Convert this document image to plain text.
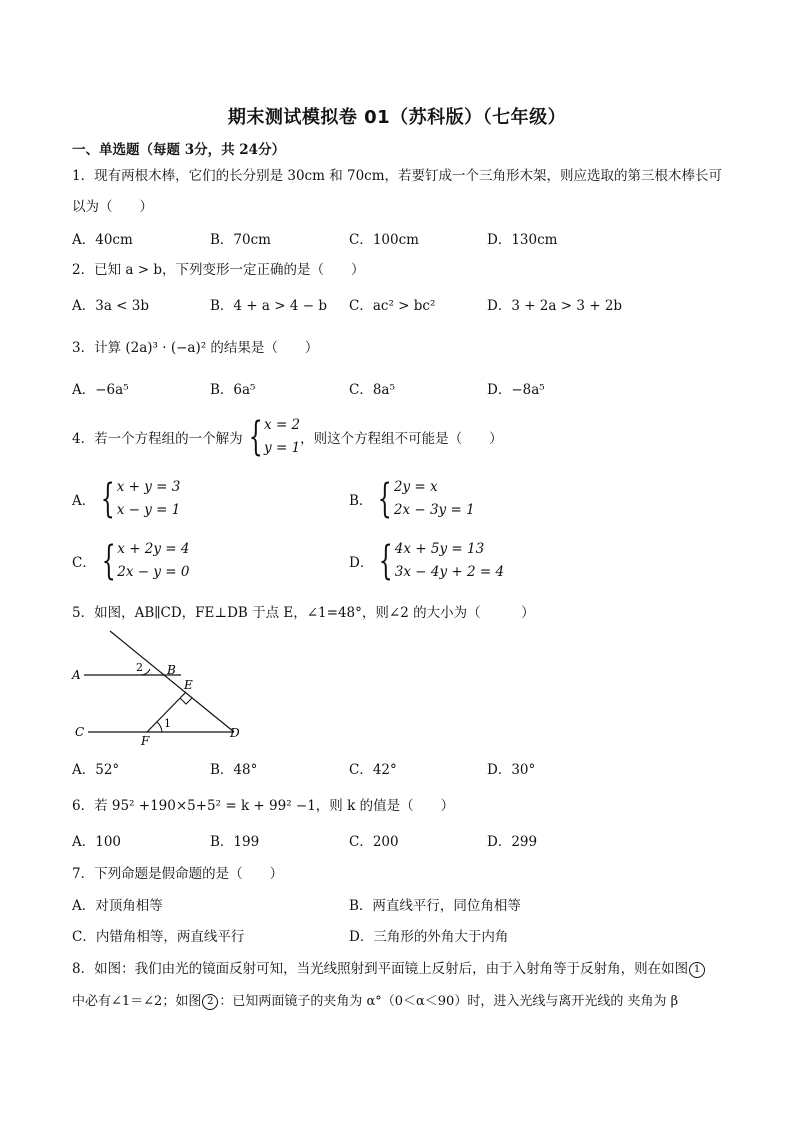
期末测试模拟卷 01（苏科版）（七年级）
一、单选题（每题 3分，共 24分）
1．现有两根木棒，它们的长分别是 30cm 和 70cm，若要钉成一个三角形木架，则应选取的第三根木棒长可
以为（　　）
A．40cm	B．70cm	C．100cm	D．130cm
2．已知 a > b，下列变形一定正确的是（　　）
A．3a < 3b	B．4 + a > 4 − b C．ac² > bc²	D．3 + 2a > 3 + 2b
3．计算 (2a)³ · (−a)² 的结果是（　　）
A．−6a⁵	B．6a⁵	C．8a⁵	D．−8a⁵
4．若一个方程组的一个解为 { x = 2
y = 1
，则这个方程组不可能是（　　）
A． { x + y = 3
x − y = 1
B． { 2y = x
2x − 3y = 1
C． { x + 2y = 4
2x − y = 0
D． { 4x + 5y = 13
3x − 4y + 2 = 4
5．如图，AB∥CD，FE⊥DB 于点 E，∠1=48°，则∠2 的大小为（　　　）
A	B
E
C
F
D
1
2
A．52°	B．48°	C．42°	D．30°
6．若 95² +190×5+5² = k + 99² −1，则 k 的值是（　　）
A．100	B．199	C．200	D．299
7．下列命题是假命题的是（　　）
A．对顶角相等	B．两直线平行，同位角相等
C．内错角相等，两直线平行	D．三角形的外角大于内角
8．如图：我们由光的镜面反射可知，当光线照射到平面镜上反射后，由于入射角等于反射角，则在如图 1
中必有∠1＝∠2；如图 2 ：已知两面镜子的夹角为 α°（0＜α＜90）时，进入光线与离开光线的 夹角为 β
